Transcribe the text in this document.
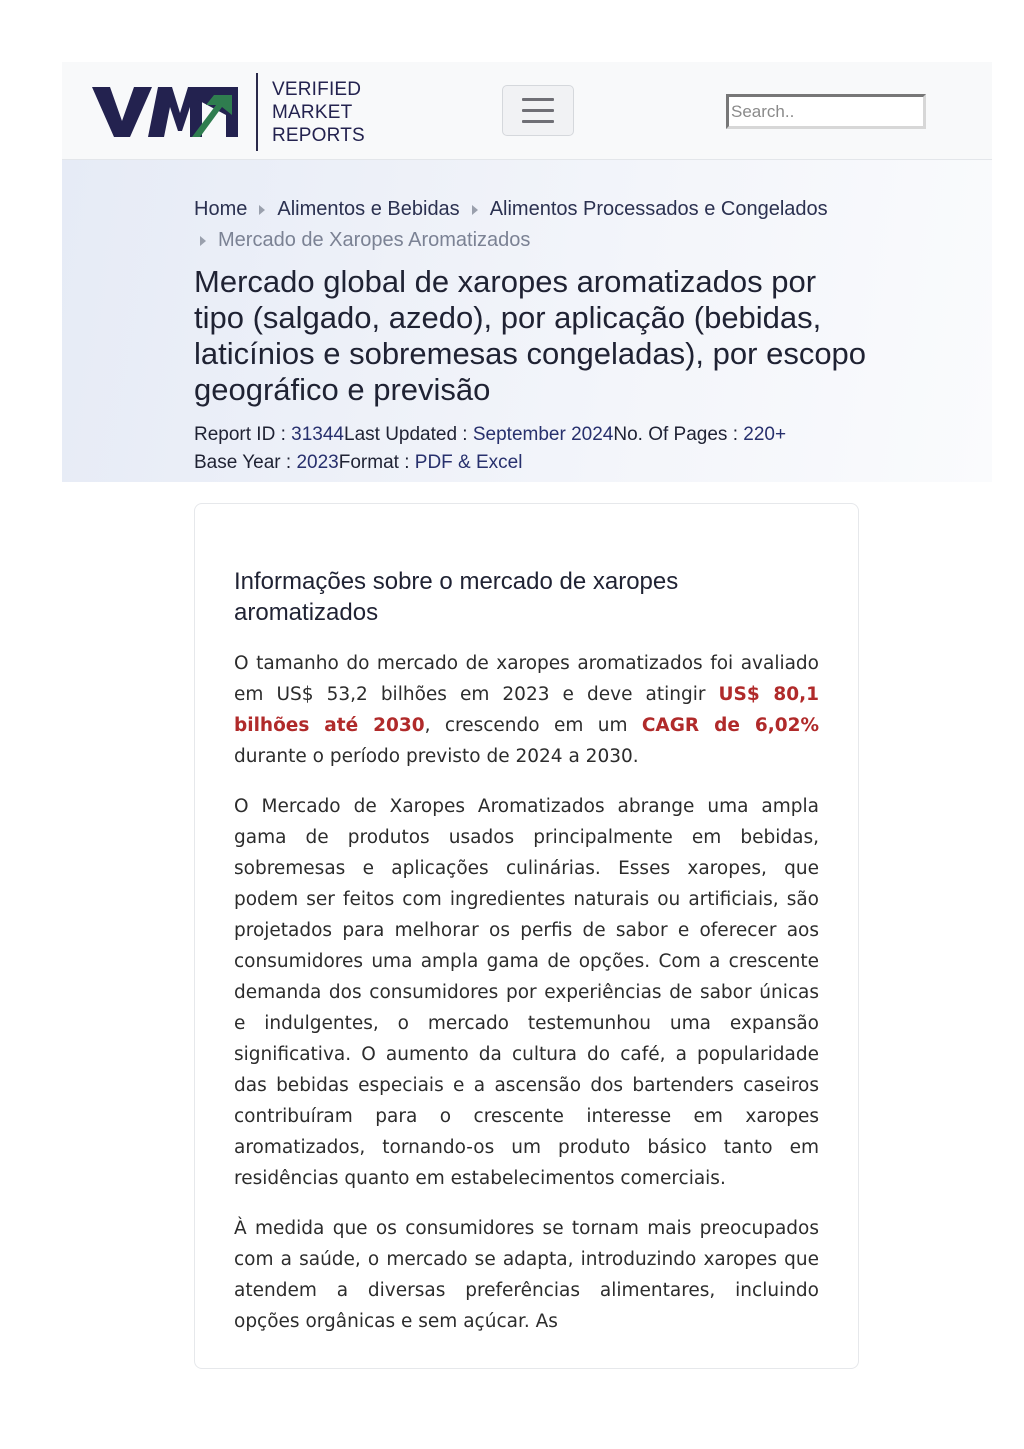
VERIFIED
MARKET
REPORTS
Search..
Home Alimentos e Bebidas Alimentos Processados e Congelados
Mercado de Xaropes Aromatizados
Mercado global de xaropes aromatizados por tipo (salgado, azedo), por aplicação (bebidas, laticínios e sobremesas congeladas), por escopo geográfico e previsão
Report ID : 31344Last Updated : September 2024No. Of Pages : 220+
Base Year : 2023Format : PDF & Excel
Informações sobre o mercado de xaropes aromatizados

O tamanho do mercado de xaropes aromatizados foi avaliado em US$ 53,2 bilhões em 2023 e deve atingir US$ 80,1 bilhões até 2030, crescendo em um CAGR de 6,02% durante o período previsto de 2024 a 2030.

O Mercado de Xaropes Aromatizados abrange uma ampla gama de produtos usados principalmente em bebidas, sobremesas e aplicações culinárias. Esses xaropes, que podem ser feitos com ingredientes naturais ou artificiais, são projetados para melhorar os perfis de sabor e oferecer aos consumidores uma ampla gama de opções. Com a crescente demanda dos consumidores por experiências de sabor únicas e indulgentes, o mercado testemunhou uma expansão significativa. O aumento da cultura do café, a popularidade das bebidas especiais e a ascensão dos bartenders caseiros contribuíram para o crescente interesse em xaropes aromatizados, tornando-os um produto básico tanto em residências quanto em estabelecimentos comerciais.

À medida que os consumidores se tornam mais preocupados com a saúde, o mercado se adapta, introduzindo xaropes que atendem a diversas preferências alimentares, incluindo opções orgânicas e sem açúcar. As
